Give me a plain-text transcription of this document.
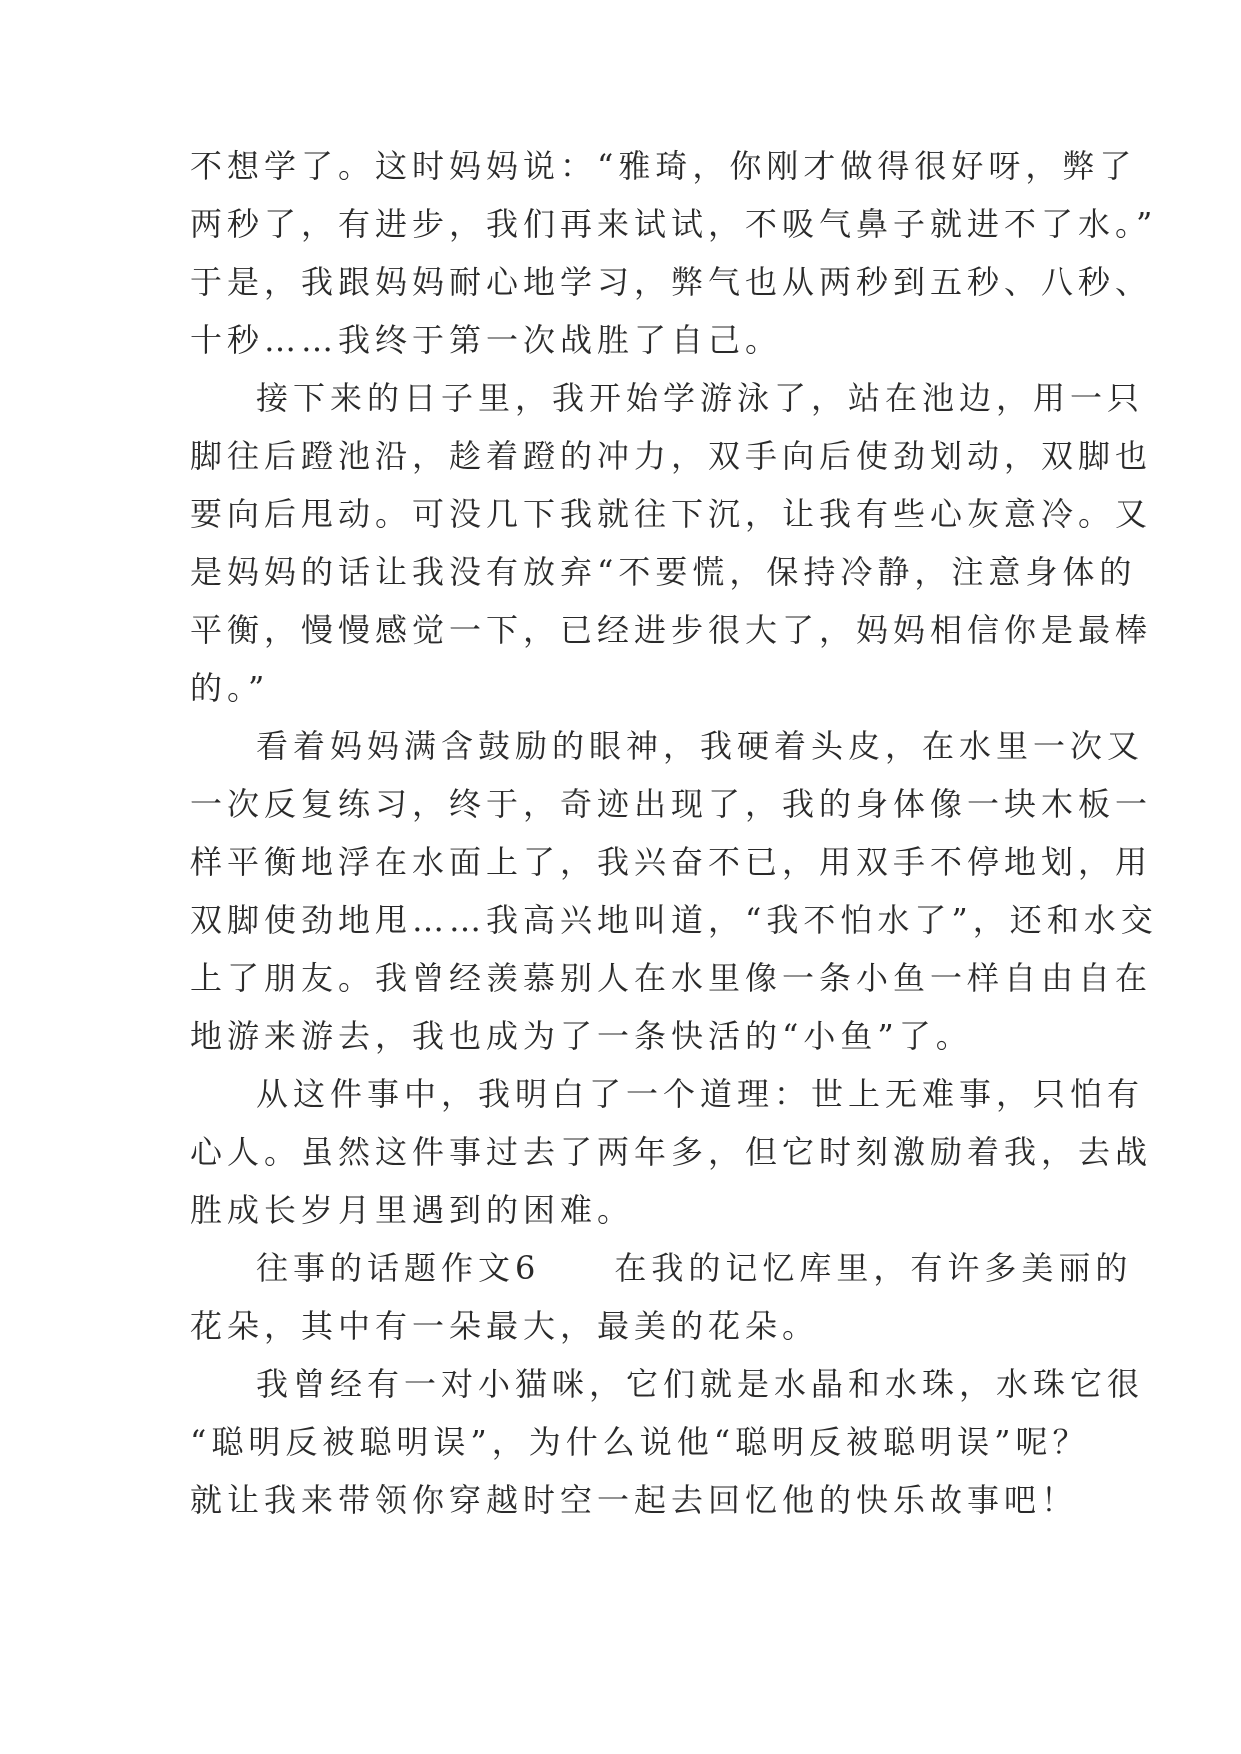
不想学了。这时妈妈说：“雅琦，你刚才做得很好呀，弊了
两秒了，有进步，我们再来试试，不吸气鼻子就进不了水。”
于是，我跟妈妈耐心地学习，弊气也从两秒到五秒、八秒、
十秒……我终于第一次战胜了自己。
接下来的日子里，我开始学游泳了，站在池边，用一只
脚往后蹬池沿，趁着蹬的冲力，双手向后使劲划动，双脚也
要向后甩动。可没几下我就往下沉，让我有些心灰意冷。又
是妈妈的话让我没有放弃“不要慌，保持冷静，注意身体的
平衡，慢慢感觉一下，已经进步很大了，妈妈相信你是最棒
的。”
看着妈妈满含鼓励的眼神，我硬着头皮，在水里一次又
一次反复练习，终于，奇迹出现了，我的身体像一块木板一
样平衡地浮在水面上了，我兴奋不已，用双手不停地划，用
双脚使劲地甩……我高兴地叫道，“我不怕水了”，还和水交
上了朋友。我曾经羡慕别人在水里像一条小鱼一样自由自在
地游来游去，我也成为了一条快活的“小鱼”了。
从这件事中，我明白了一个道理：世上无难事，只怕有
心人。虽然这件事过去了两年多，但它时刻激励着我，去战
胜成长岁月里遇到的困难。
往事的话题作文6　　在我的记忆库里，有许多美丽的
花朵，其中有一朵最大，最美的花朵。
我曾经有一对小猫咪，它们就是水晶和水珠，水珠它很
“聪明反被聪明误”，为什么说他“聪明反被聪明误”呢？
就让我来带领你穿越时空一起去回忆他的快乐故事吧！
